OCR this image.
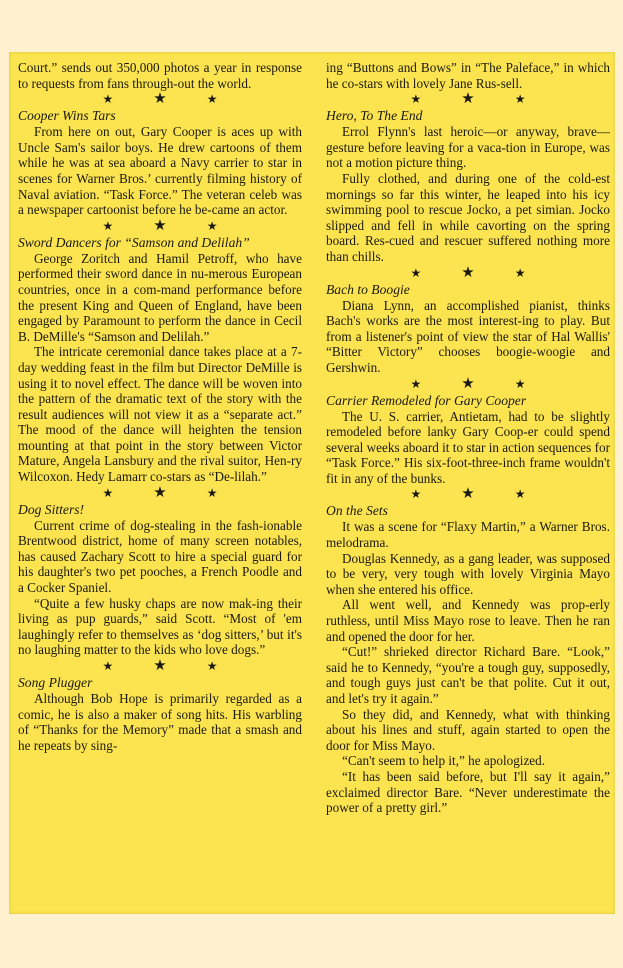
Court.” sends out 350,000 photos a year in response to requests from fans through-out the world.

★	★	★
Cooper Wins Tars

From here on out, Gary Cooper is aces up with Uncle Sam's sailor boys. He drew cartoons of them while he was at sea aboard a Navy carrier to star in scenes for Warner Bros.’ currently filming history of Naval aviation. “Task Force.” The veteran celeb was a newspaper cartoonist before he be-came an actor.

★	★	★
Sword Dancers for “Samson and Delilah”

George Zoritch and Hamil Petroff, who have performed their sword dance in nu-merous European countries, once in a com-mand performance before the present King and Queen of England, have been engaged by Paramount to perform the dance in Cecil B. DeMille's “Samson and Delilah.”

The intricate ceremonial dance takes place at a 7-day wedding feast in the film but Director DeMille is using it to novel effect. The dance will be woven into the pattern of the dramatic text of the story with the result audiences will not view it as a “separate act.” The mood of the dance will heighten the tension mounting at that point in the story between Victor Mature, Angela Lansbury and the rival suitor, Hen-ry Wilcoxon. Hedy Lamarr co-stars as “De-lilah.”

★	★	★
Dog Sitters!

Current crime of dog-stealing in the fash-ionable Brentwood district, home of many screen notables, has caused Zachary Scott to hire a special guard for his daughter's two pet pooches, a French Poodle and a Cocker Spaniel.

“Quite a few husky chaps are now mak-ing their living as pup guards,” said Scott. “Most of 'em laughingly refer to themselves as ‘dog sitters,’ but it's no laughing matter to the kids who love dogs.”

★	★	★
Song Plugger

Although Bob Hope is primarily regarded as a comic, he is also a maker of song hits. His warbling of “Thanks for the Memory” made that a smash and he repeats by sing-

ing “Buttons and Bows” in “The Paleface,” in which he co-stars with lovely Jane Rus-sell.

★	★	★
Hero, To The End

Errol Flynn's last heroic—or anyway, brave—gesture before leaving for a vaca-tion in Europe, was not a motion picture thing.

Fully clothed, and during one of the cold-est mornings so far this winter, he leaped into his icy swimming pool to rescue Jocko, a pet simian. Jocko slipped and fell in while cavorting on the spring board. Res-cued and rescuer suffered nothing more than chills.

★	★	★
Bach to Boogie

Diana Lynn, an accomplished pianist, thinks Bach's works are the most interest-ing to play. But from a listener's point of view the star of Hal Wallis' “Bitter Victory” chooses boogie-woogie and Gershwin.

★	★	★
Carrier Remodeled for Gary Cooper

The U. S. carrier, Antietam, had to be slightly remodeled before lanky Gary Coop-er could spend several weeks aboard it to star in action sequences for “Task Force.” His six-foot-three-inch frame wouldn't fit in any of the bunks.

★	★	★
On the Sets

It was a scene for “Flaxy Martin,” a Warner Bros. melodrama.

Douglas Kennedy, as a gang leader, was supposed to be very, very tough with lovely Virginia Mayo when she entered his office.

All went well, and Kennedy was prop-erly ruthless, until Miss Mayo rose to leave. Then he ran and opened the door for her.

“Cut!” shrieked director Richard Bare. “Look,” said he to Kennedy, “you're a tough guy, supposedly, and tough guys just can't be that polite. Cut it out, and let's try it again.”

So they did, and Kennedy, what with thinking about his lines and stuff, again started to open the door for Miss Mayo.

“Can't seem to help it,” he apologized.

“It has been said before, but I'll say it again,” exclaimed director Bare. “Never underestimate the power of a pretty girl.”
